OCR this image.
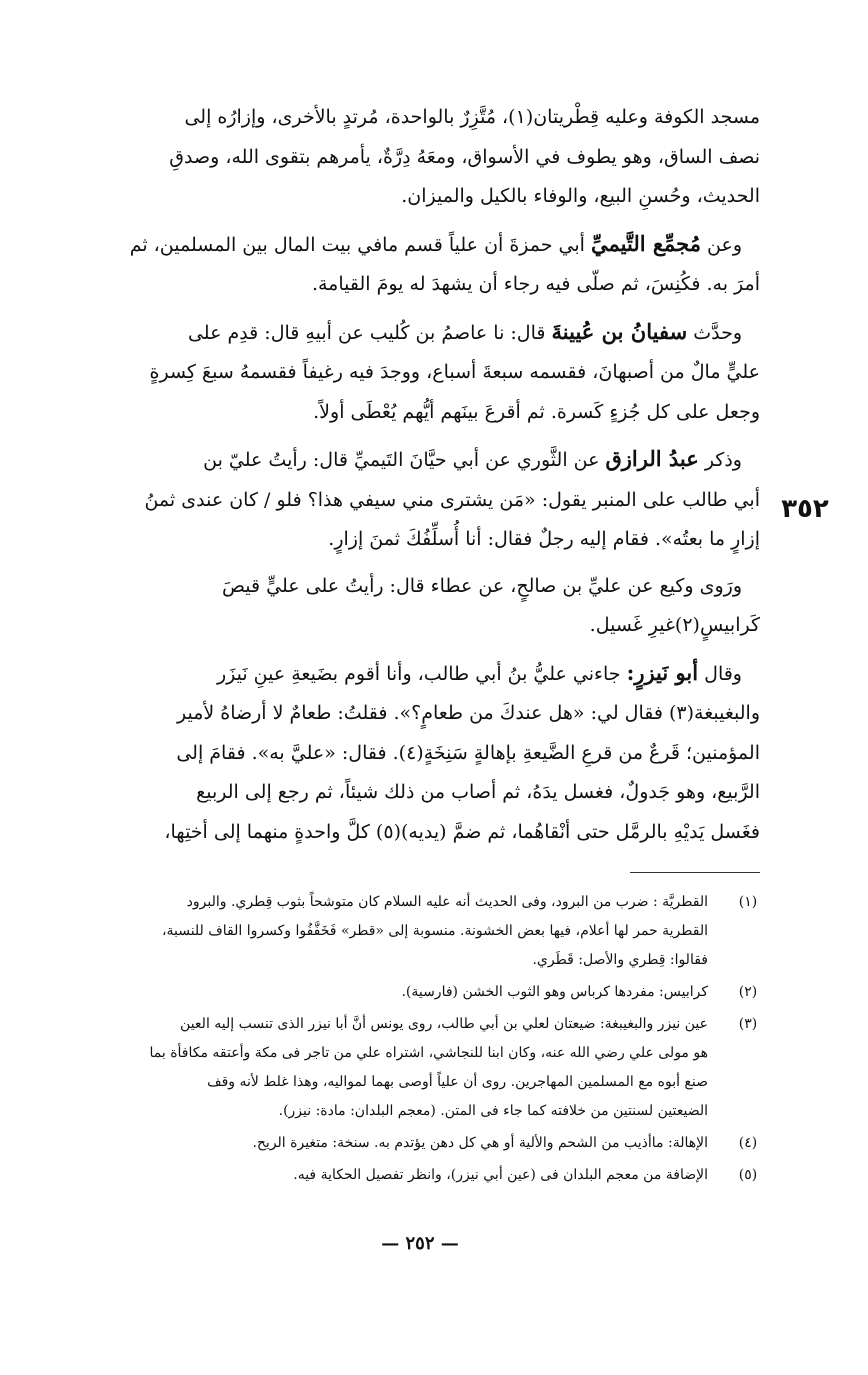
٣٥٢
مسجد الكوفة وعليه قِطْريتان(١)، مُتَّزِرٌ بالواحدة، مُرتدٍ بالأخرى، وإزارُه إلى
نصف الساق، وهو يطوف في الأسواق، ومعَهُ دِرَّةٌ، يأمرهم بتقوى الله، وصدقِ
الحديث، وحُسنِ البيع، والوفاء بالكيل والميزان.
وعن مُجمِّع التَّيميِّ أبي حمزةَ أن علياً قسم مافي بيت المال بين المسلمين، ثم
أمرَ به. فكُنِسَ، ثم صلّى فيه رجاء أن يشهدَ له يومَ القيامة.
وحدَّث سفيانُ بن عُيينةَ قال: نا عاصمُ بن كُليب عن أبيهِ قال: قدِم على
عليٍّ مالٌ من أصبهانَ، فقسمه سبعةَ أسباع، ووجدَ فيه رغيفاً فقسمهُ سبعَ كِسرةٍ
وجعل على كل جُزءٍ كَسرة. ثم أقرعَ بينَهم أيُّهم يُعْطَى أولاً.
وذكر عبدُ الرازق عن الثَّوري عن أبي حيَّانَ التَيميِّ قال: رأيتُ عليّ بن
أبي طالب على المنبر يقول: «مَن يشترى مني سيفي هذا؟ فلو / كان عندى ثمنُ
إزارٍ ما بعتُه». فقام إليه رجلٌ فقال: أنا أُسلِّفُكَ ثمنَ إزارٍ.
ورَوى وكيع عن عليِّ بن صالحٍ، عن عطاء قال: رأيتُ على عليٍّ قيصَ
كَرابيسٍ(٢)غيرِ غَسيل.
وقال أبو نَيزرٍ: جاءني عليُّ بنُ أبي طالب، وأنا أقوم بضَيعةِ عينِ نَيزَر
والبغيبغة(٣) فقال لي: «هل عندكَ من طعامٍ؟». فقلتُ: طعامٌ لا أرضاهُ لأمير
المؤمنين؛ قَرعٌ من قرعِ الضَّيعةِ بإهالةٍ سَنِخَةٍ(٤). فقال: «عليَّ به». فقامَ إلى
الرَّبيع، وهو جَدولٌ، فغسل يدَهُ، ثم أصاب من ذلك شيئاً، ثم رجع إلى الربيع
فغَسل يَديْهِ بالرمَّل حتى أنْقاهُما، ثم ضمَّ (يديه)(٥) كلَّ واحدةٍ منهما إلى أختِها،
(١)
القطريَّة : ضرب من البرود، وفى الحديث أنه عليه السلام كان متوشحاً بثوب قِطري. والبرود
القطرية حمر لها أعلام، فيها بعض الخشونة. منسوبة إلى «قطر» فَخَفَّفُوا وكسروا القاف للنسبة،
فقالوا: قِطري والأصل: قَطَري.
(٢)
كرابيس: مفردها كرباس وهو الثوب الخشن (فارسية).
(٣)
عين نيزر والبغيبغة: ضيعتان لعلي بن أبي طالب، روى يونس أنَّ أبا نيزر الذى تنسب إليه العين
هو مولى علي رضي الله عنه، وكان ابنا للنجاشي، اشتراه علي من تاجر فى مكة وأعتقه مكافأة بما
صنع أبوه مع المسلمين المهاجرين. روى أن علياً أوصى بهما لمواليه، وهذا غلط لأنه وقف
الضيعتين لسنتين من خلافته كما جاء فى المتن. (معجم البلدان: مادة: نيزر).
(٤)
الإهالة: ماأذيب من الشحم والألية أو هي كل دهن يؤتدم به. سنخة: متغيرة الريح.
(٥)
الإضافة من معجم البلدان فى (عين أبي نيزر)، وانظر تفصيل الحكاية فيه.
— ٢٥٢ —
